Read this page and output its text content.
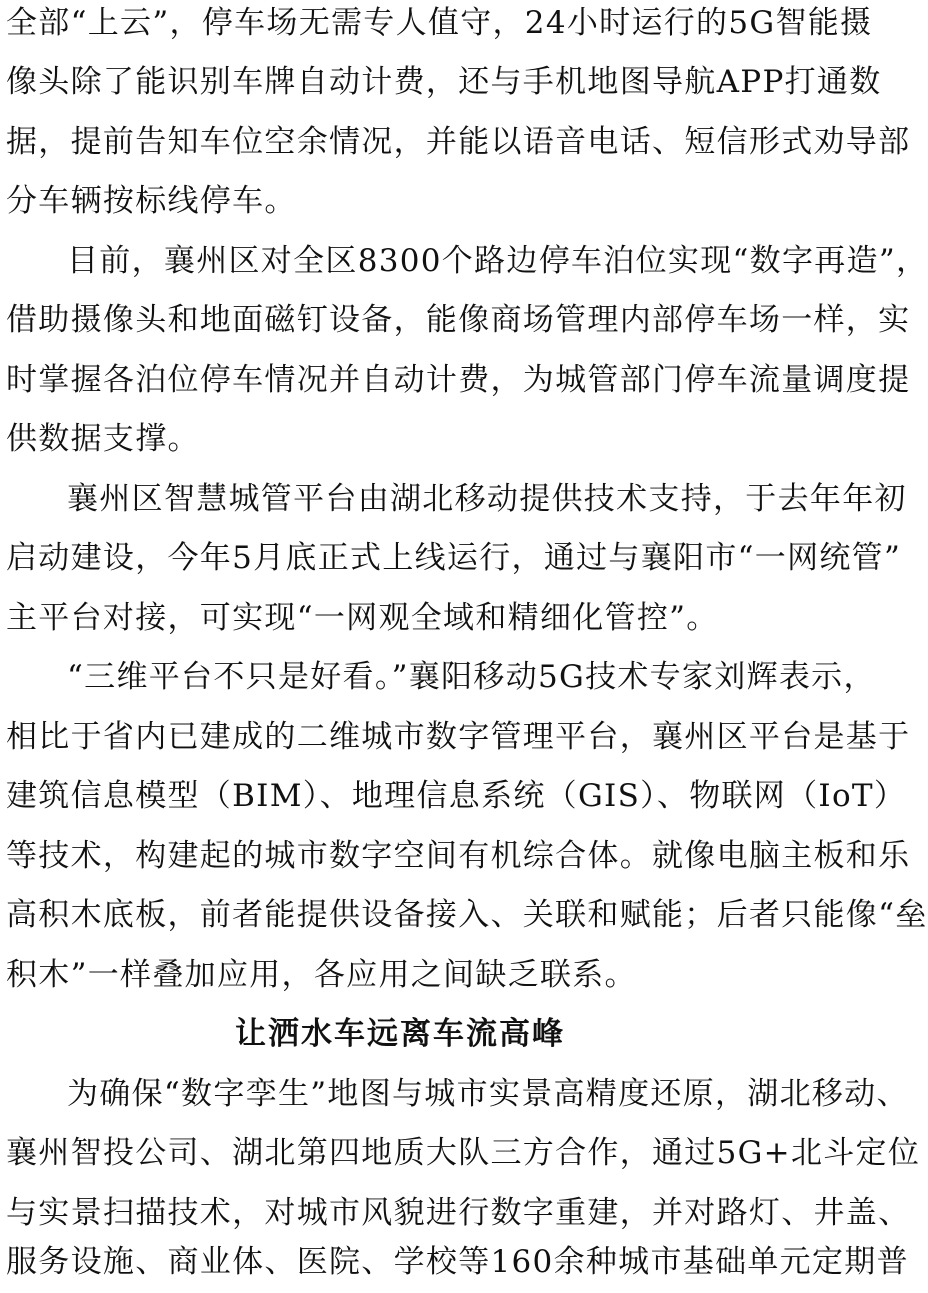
全部“上云”，停车场无需专人值守，24小时运行的5G智能摄
像头除了能识别车牌自动计费，还与手机地图导航APP打通数
据，提前告知车位空余情况，并能以语音电话、短信形式劝导部
分车辆按标线停车。
目前，襄州区对全区8300个路边停车泊位实现“数字再造”，
借助摄像头和地面磁钉设备，能像商场管理内部停车场一样，实
时掌握各泊位停车情况并自动计费，为城管部门停车流量调度提
供数据支撑。
襄州区智慧城管平台由湖北移动提供技术支持，于去年年初
启动建设，今年5月底正式上线运行，通过与襄阳市“一网统管”
主平台对接，可实现“一网观全域和精细化管控”。
“三维平台不只是好看。”襄阳移动5G技术专家刘辉表示，
相比于省内已建成的二维城市数字管理平台，襄州区平台是基于
建筑信息模型（BIM）、地理信息系统（GIS）、物联网（IoT）
等技术，构建起的城市数字空间有机综合体。就像电脑主板和乐
高积木底板，前者能提供设备接入、关联和赋能；后者只能像“垒
积木”一样叠加应用，各应用之间缺乏联系。
让洒水车远离车流高峰
为确保“数字孪生”地图与城市实景高精度还原，湖北移动、
襄州智投公司、湖北第四地质大队三方合作，通过5G+北斗定位
与实景扫描技术，对城市风貌进行数字重建，并对路灯、井盖、
服务设施、商业体、医院、学校等160余种城市基础单元定期普
